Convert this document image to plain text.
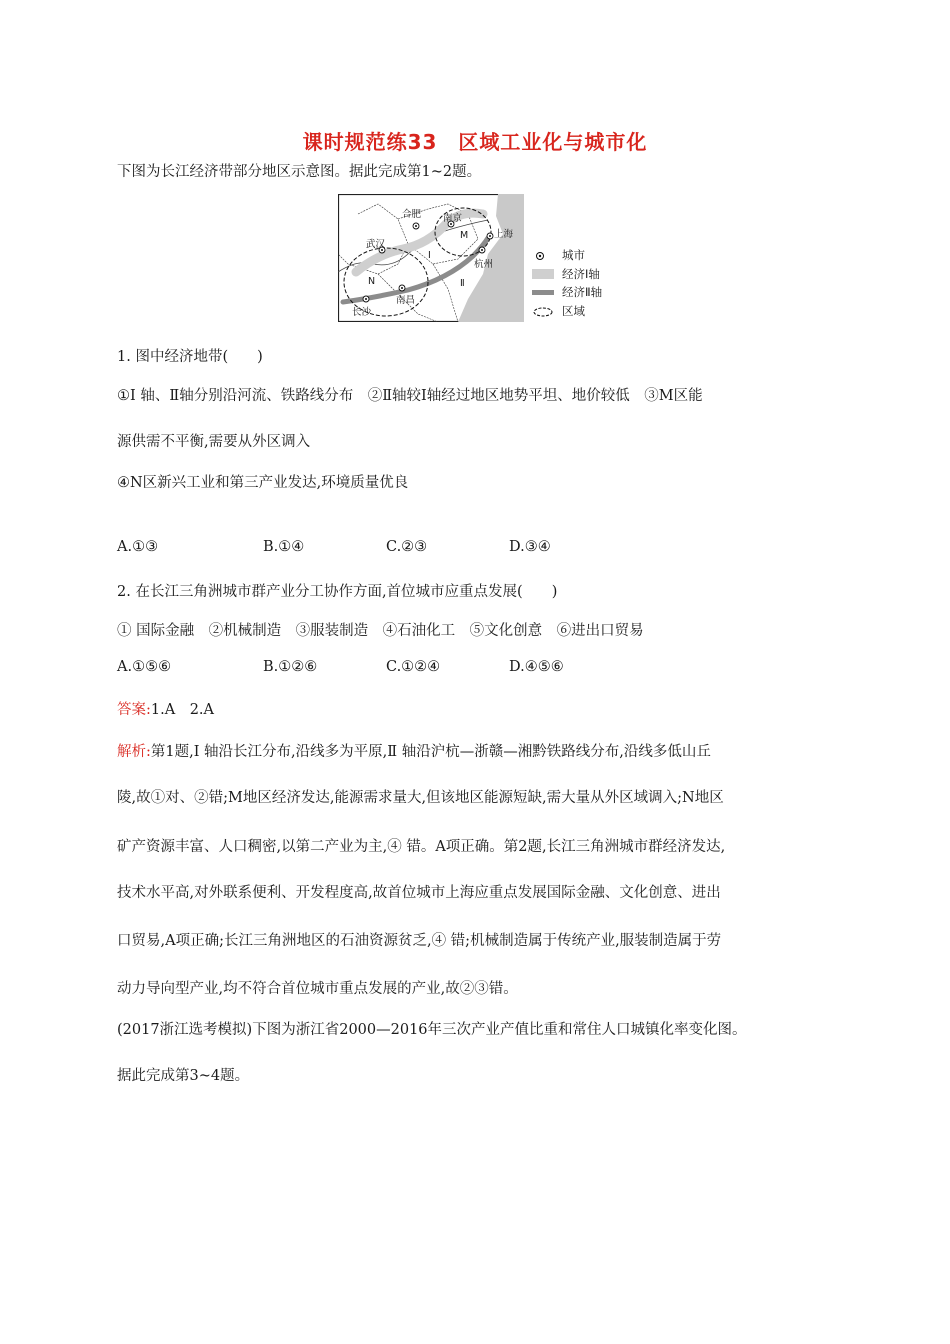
课时规范练33　区域工业化与城市化
下图为长江经济带部分地区示意图。据此完成第1~2题。
合肥 南京
上海
武汉
杭州
长沙
南昌
Ⅰ
Ⅱ
M
N
城市
经济Ⅰ轴
经济Ⅱ轴
区域
1. 图中经济地带(　　)
①Ⅰ 轴、Ⅱ轴分别沿河流、铁路线分布　②Ⅱ轴较Ⅰ轴经过地区地势平坦、地价较低　③M区能
源供需不平衡,需要从外区调入
④N区新兴工业和第三产业发达,环境质量优良
A.①③	B.①④	C.②③	D.③④
2. 在长江三角洲城市群产业分工协作方面,首位城市应重点发展(　　)
① 国际金融　②机械制造　③服装制造　④石油化工　⑤文化创意　⑥进出口贸易
A.①⑤⑥	B.①②⑥	C.①②④	D.④⑤⑥
答案:1.A　2.A
解析:第1题,Ⅰ 轴沿长江分布,沿线多为平原,Ⅱ 轴沿沪杭—浙赣—湘黔铁路线分布,沿线多低山丘
陵,故①对、②错;M地区经济发达,能源需求量大,但该地区能源短缺,需大量从外区域调入;N地区
矿产资源丰富、人口稠密,以第二产业为主,④ 错。A项正确。第2题,长江三角洲城市群经济发达,
技术水平高,对外联系便利、开发程度高,故首位城市上海应重点发展国际金融、文化创意、进出
口贸易,A项正确;长江三角洲地区的石油资源贫乏,④ 错;机械制造属于传统产业,服装制造属于劳
动力导向型产业,均不符合首位城市重点发展的产业,故②③错。
(2017浙江选考模拟)下图为浙江省2000—2016年三次产业产值比重和常住人口城镇化率变化图。
据此完成第3~4题。
